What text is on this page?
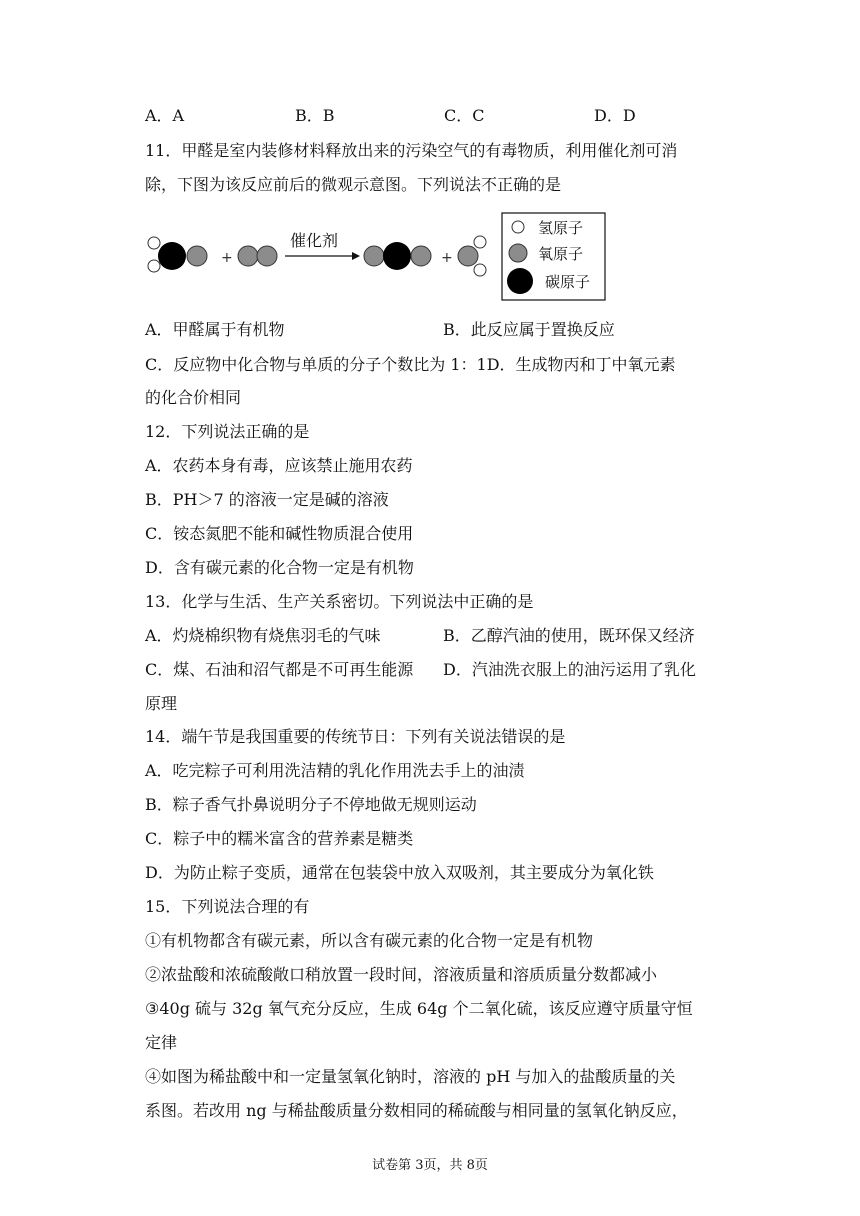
A．A	B．B	C．C	D．D
11．甲醛是室内装修材料释放出来的污染空气的有毒物质，利用催化剂可消
除，下图为该反应前后的微观示意图。下列说法不正确的是
+
催化剂
+
氢原子
氧原子
碳原子
A．甲醛属于有机物	B．此反应属于置换反应
C．反应物中化合物与单质的分子个数比为 1：1D．生成物丙和丁中氧元素
的化合价相同
12．下列说法正确的是
A．农药本身有毒，应该禁止施用农药
B．PH＞7 的溶液一定是碱的溶液
C．铵态氮肥不能和碱性物质混合使用
D．含有碳元素的化合物一定是有机物
13．化学与生活、生产关系密切。下列说法中正确的是
A．灼烧棉织物有烧焦羽毛的气味	B．乙醇汽油的使用，既环保又经济
C．煤、石油和沼气都是不可再生能源 D．汽油洗衣服上的油污运用了乳化
原理
14．端午节是我国重要的传统节日：下列有关说法错误的是
A．吃完粽子可利用洗洁精的乳化作用洗去手上的油渍
B．粽子香气扑鼻说明分子不停地做无规则运动
C．粽子中的糯米富含的营养素是糖类
D．为防止粽子变质，通常在包装袋中放入双吸剂，其主要成分为氧化铁
15．下列说法合理的有
①有机物都含有碳元素，所以含有碳元素的化合物一定是有机物
②浓盐酸和浓硫酸敞口稍放置一段时间，溶液质量和溶质质量分数都减小
③40g 硫与 32g 氧气充分反应，生成 64g 个二氧化硫，该反应遵守质量守恒
定律
④如图为稀盐酸中和一定量氢氧化钠时，溶液的 pH 与加入的盐酸质量的关
系图。若改用 ng 与稀盐酸质量分数相同的稀硫酸与相同量的氢氧化钠反应，
试卷第 3页，共 8页
